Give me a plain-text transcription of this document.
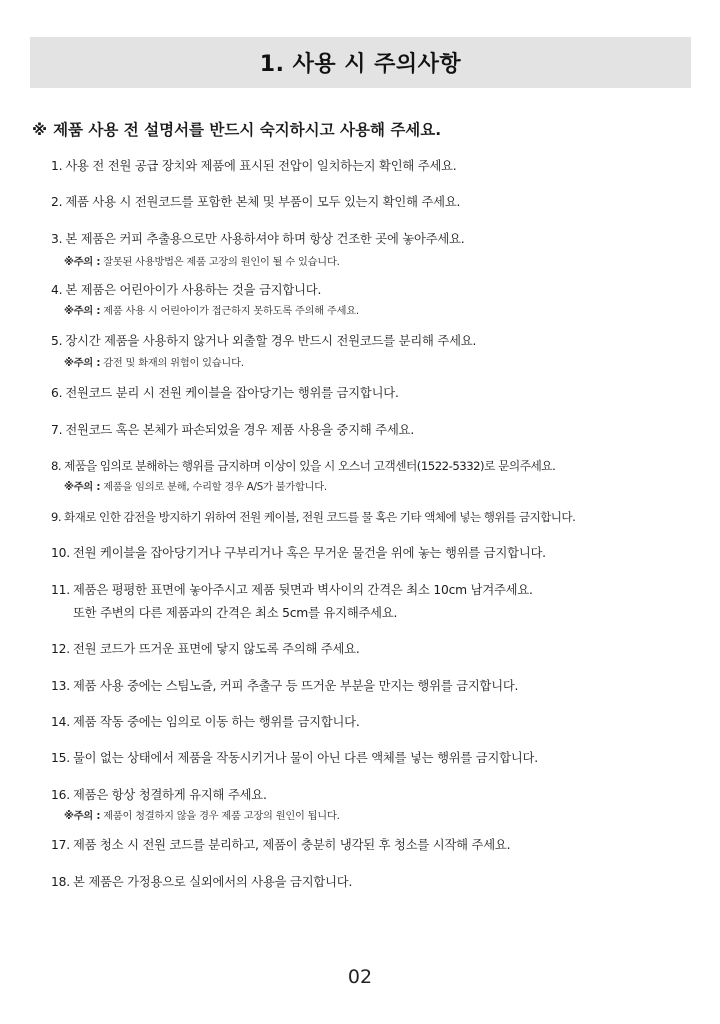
1. 사용 시 주의사항
※ 제품 사용 전 설명서를 반드시 숙지하시고 사용해 주세요.
1. 사용 전 전원 공급 장치와 제품에 표시된 전압이 일치하는지 확인해 주세요.
2. 제품 사용 시 전원코드를 포함한 본체 및 부품이 모두 있는지 확인해 주세요.
3. 본 제품은 커피 추출용으로만 사용하셔야 하며 항상 건조한 곳에 놓아주세요.
※주의 : 잘못된 사용방법은 제품 고장의 원인이 될 수 있습니다.
4. 본 제품은 어린아이가 사용하는 것을 금지합니다.
※주의 : 제품 사용 시 어린아이가 접근하지 못하도록 주의해 주세요.
5. 장시간 제품을 사용하지 않거나 외출할 경우 반드시 전원코드를 분리해 주세요.
※주의 : 감전 및 화재의 위험이 있습니다.
6. 전원코드 분리 시 전원 케이블을 잡아당기는 행위를 금지합니다.
7. 전원코드 혹은 본체가 파손되었을 경우 제품 사용을 중지해 주세요.
8. 제품을 임의로 분해하는 행위를 금지하며 이상이 있을 시 오스너 고객센터(1522-5332)로 문의주세요.
※주의 : 제품을 임의로 분해, 수리할 경우 A/S가 불가합니다.
9. 화재로 인한 감전을 방지하기 위하여 전원 케이블, 전원 코드를 물 혹은 기타 액체에 넣는 행위를 금지합니다.
10. 전원 케이블을 잡아당기거나 구부리거나 혹은 무거운 물건을 위에 놓는 행위를 금지합니다.
11. 제품은 평평한 표면에 놓아주시고 제품 뒷면과 벽사이의 간격은 최소 10cm 남겨주세요.
또한 주변의 다른 제품과의 간격은 최소 5cm를 유지해주세요.
12. 전원 코드가 뜨거운 표면에 닿지 않도록 주의해 주세요.
13. 제품 사용 중에는 스팀노즐, 커피 추출구 등 뜨거운 부분을 만지는 행위를 금지합니다.
14. 제품 작동 중에는 임의로 이동 하는 행위를 금지합니다.
15. 물이 없는 상태에서 제품을 작동시키거나 물이 아닌 다른 액체를 넣는 행위를 금지합니다.
16. 제품은 항상 청결하게 유지해 주세요.
※주의 : 제품이 청결하지 않을 경우 제품 고장의 원인이 됩니다.
17. 제품 청소 시 전원 코드를 분리하고, 제품이 충분히 냉각된 후 청소를 시작해 주세요.
18. 본 제품은 가정용으로 실외에서의 사용을 금지합니다.
02
